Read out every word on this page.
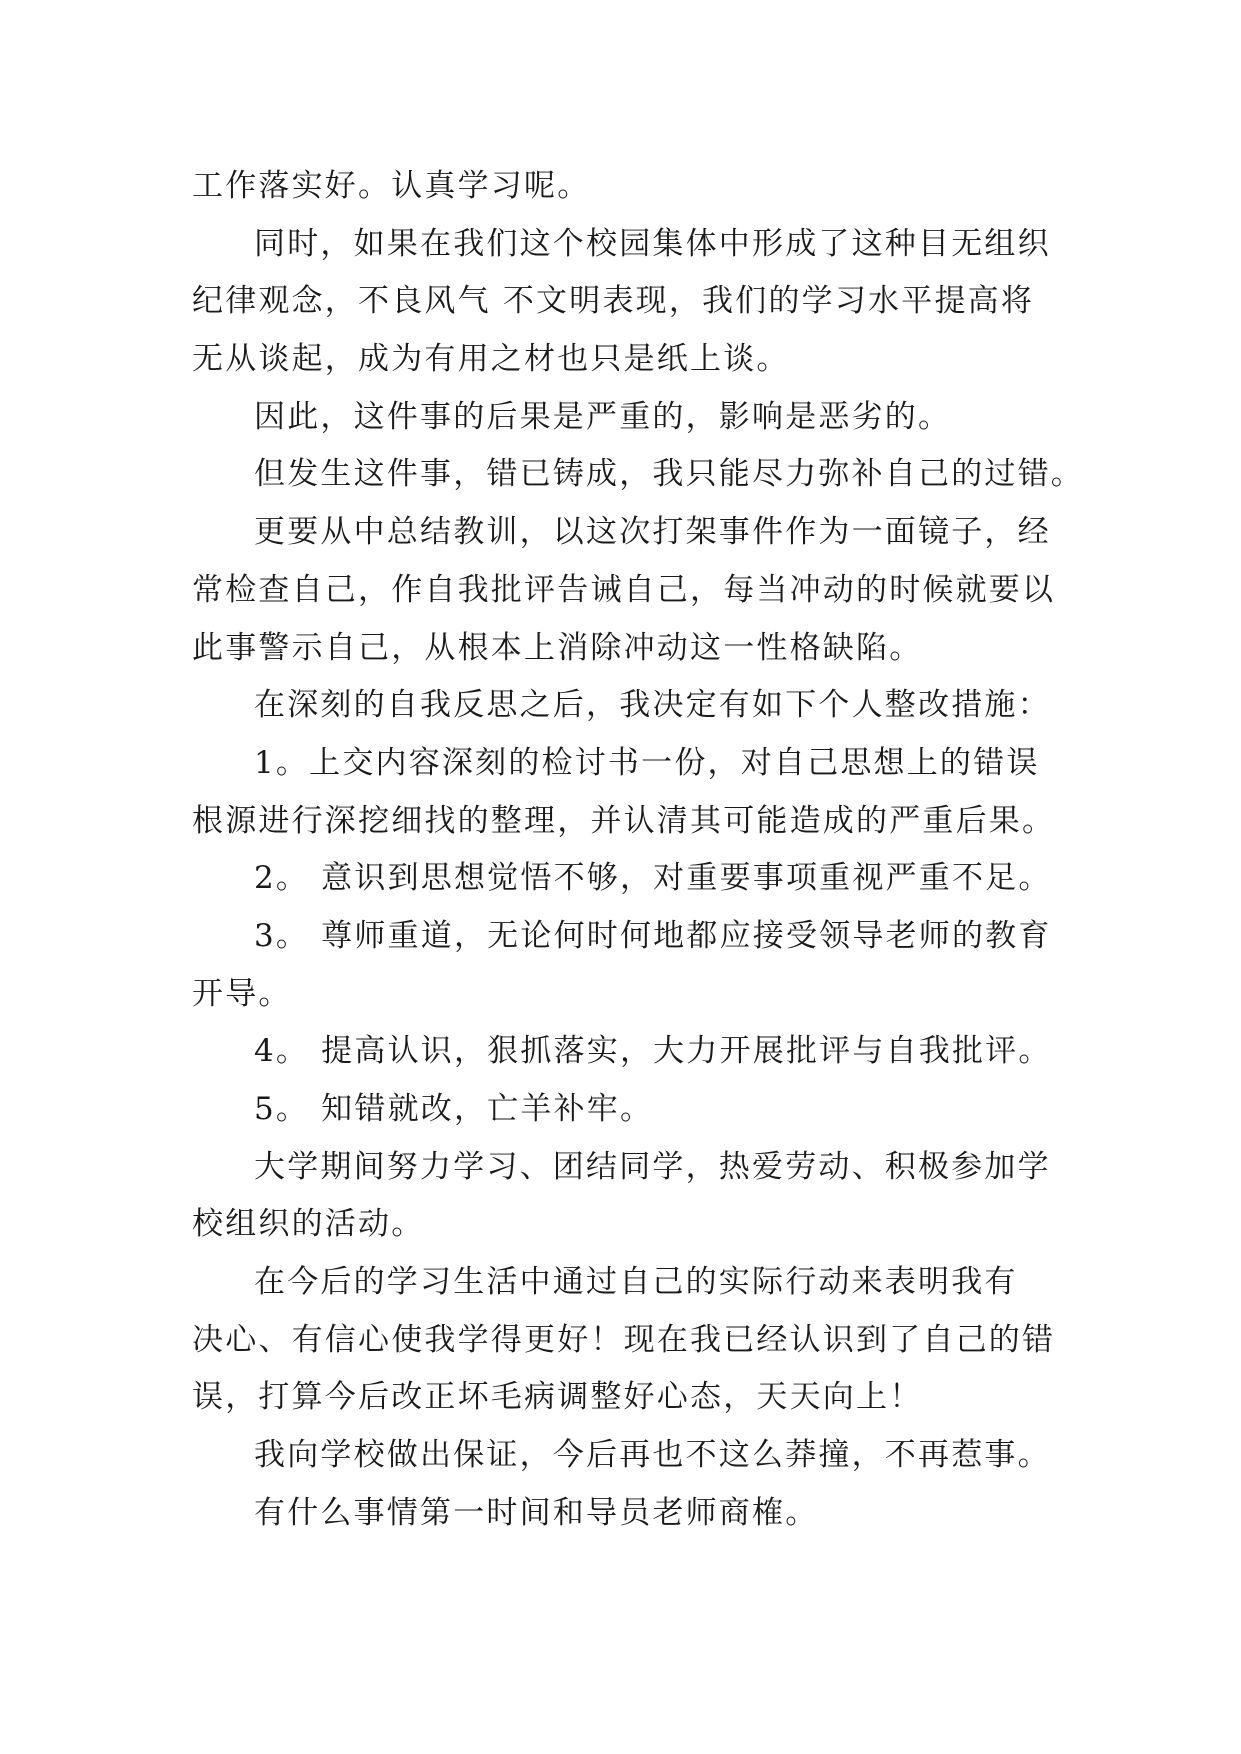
工作落实好。认真学习呢。
同时，如果在我们这个校园集体中形成了这种目无组织
纪律观念，不良风气 不文明表现，我们的学习水平提高将
无从谈起，成为有用之材也只是纸上谈。
因此，这件事的后果是严重的，影响是恶劣的。
但发生这件事，错已铸成，我只能尽力弥补自己的过错。
更要从中总结教训，以这次打架事件作为一面镜子，经
常检查自己，作自我批评告诫自己，每当冲动的时候就要以
此事警示自己，从根本上消除冲动这一性格缺陷。
在深刻的自我反思之后，我决定有如下个人整改措施：
1。上交内容深刻的检讨书一份，对自己思想上的错误
根源进行深挖细找的整理，并认清其可能造成的严重后果。
2。 意识到思想觉悟不够，对重要事项重视严重不足。
3。 尊师重道，无论何时何地都应接受领导老师的教育
开导。
4。 提高认识，狠抓落实，大力开展批评与自我批评。
5。 知错就改，亡羊补牢。
大学期间努力学习、团结同学，热爱劳动、积极参加学
校组织的活动。
在今后的学习生活中通过自己的实际行动来表明我有
决心、有信心使我学得更好！现在我已经认识到了自己的错
误，打算今后改正坏毛病调整好心态，天天向上！
我向学校做出保证，今后再也不这么莽撞，不再惹事。
有什么事情第一时间和导员老师商榷。
